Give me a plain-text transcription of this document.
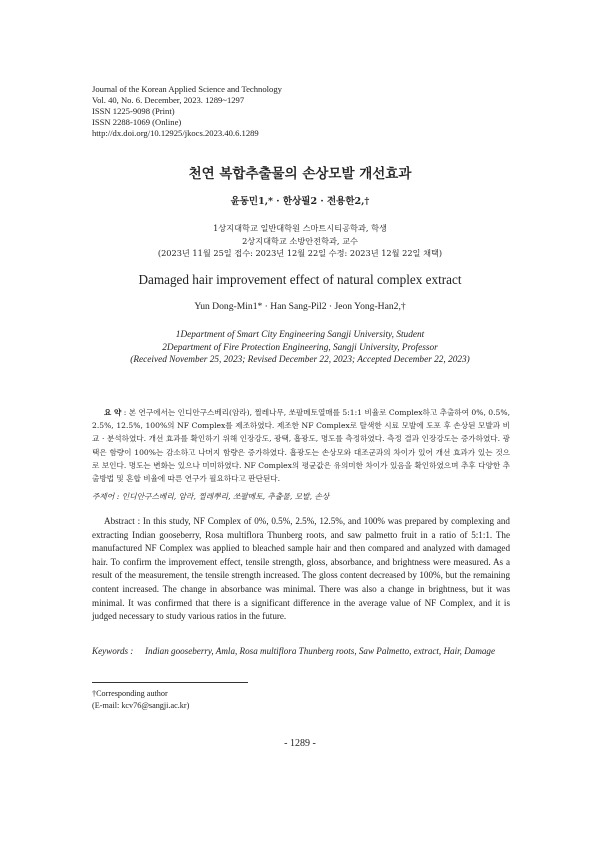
Journal of the Korean Applied Science and Technology
Vol. 40, No. 6. December, 2023. 1289~1297
ISSN 1225-9098 (Print)
ISSN 2288-1069 (Online)
http://dx.doi.org/10.12925/jkocs.2023.40.6.1289
천연 복합추출물의 손상모발 개선효과
윤동민1,* · 한상필2 · 전용한2,†
1상지대학교 일반대학원 스마트시티공학과, 학생
2상지대학교 소방안전학과, 교수
(2023년 11월 25일 접수: 2023년 12월 22일 수정: 2023년 12월 22일 채택)
Damaged hair improvement effect of natural complex extract
Yun Dong-Min1* · Han Sang-Pil2 · Jeon Yong-Han2,†
1Department of Smart City Engineering Sangji University, Student
2Department of Fire Protection Engineering, Sangji University, Professor
(Received November 25, 2023; Revised December 22, 2023; Accepted December 22, 2023)
요 약 : 본 연구에서는 인디안구스베리(암라), 찔레나무, 쏘팔메토열매를 5:1:1 비율로 Complex하고 추출하여 0%, 0.5%, 2.5%, 12.5%, 100%의 NF Complex를 제조하였다. 제조한 NF Complex로 탈색한 시료 모발에 도포 후 손상된 모발과 비교 · 분석하였다. 개선 효과를 확인하기 위해 인장강도, 광택, 흡광도, 명도를 측정하였다. 측정 결과 인장강도는 증가하였다. 광택은 함량이 100%는 감소하고 나머지 함량은 증가하였다. 흡광도는 손상모와 대조군과의 차이가 있어 개선 효과가 있는 것으로 보인다. 명도는 변화는 있으나 미미하였다. NF Complex의 평균값은 유의미한 차이가 있음을 확인하였으며 추후 다양한 추출방법 및 혼합 비율에 따른 연구가 필요하다고 판단된다.
주제어 : 인디안구스베리, 암라, 찔레뿌리, 쏘팔메토, 추출물, 모발, 손상
Abstract : In this study, NF Complex of 0%, 0.5%, 2.5%, 12.5%, and 100% was prepared by complexing and extracting Indian gooseberry, Rosa multiflora Thunberg roots, and saw palmetto fruit in a ratio of 5:1:1. The manufactured NF Complex was applied to bleached sample hair and then compared and analyzed with damaged hair. To confirm the improvement effect, tensile strength, gloss, absorbance, and brightness were measured. As a result of the measurement, the tensile strength increased. The gloss content decreased by 100%, but the remaining content increased. The change in absorbance was minimal. There was also a change in brightness, but it was minimal. It was confirmed that there is a significant difference in the average value of NF Complex, and it is judged necessary to study various ratios in the future.
Keywords :	Indian gooseberry, Amla, Rosa multiflora Thunberg roots, Saw Palmetto, extract, Hair, Damage
†Corresponding author
(E-mail: kcv76@sangji.ac.kr)
- 1289 -
